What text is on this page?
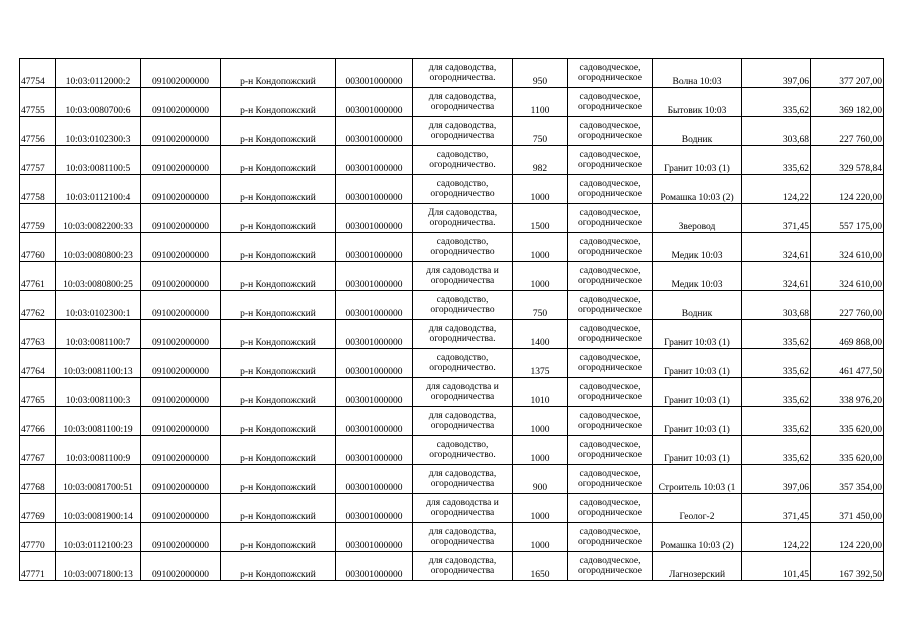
47754	10:03:0112000:2	091002000000	р-н Кондопожский	003001000000	для садоводства,
огородничества.	950	садоводческое,
огородническое	Волна 10:03	397,06	377 207,00
47755	10:03:0080700:6	091002000000	р-н Кондопожский	003001000000	для садоводства,
огородничества	1100	садоводческое,
огородническое	Бытовик 10:03	335,62	369 182,00
47756	10:03:0102300:3	091002000000	р-н Кондопожский	003001000000	для садоводства,
огородничества	750	садоводческое,
огородническое	Водник	303,68	227 760,00
47757	10:03:0081100:5	091002000000	р-н Кондопожский	003001000000	садоводство,
огородничество.	982	садоводческое,
огородническое	Гранит 10:03 (1)	335,62	329 578,84
47758	10:03:0112100:4	091002000000	р-н Кондопожский	003001000000	садоводство,
огородничество	1000	садоводческое,
огородническое	Ромашка 10:03 (2)	124,22	124 220,00
47759	10:03:0082200:33	091002000000	р-н Кондопожский	003001000000	Для садоводства,
огородничества.	1500	садоводческое,
огородническое	Зверовод	371,45	557 175,00
47760	10:03:0080800:23	091002000000	р-н Кондопожский	003001000000	садоводство,
огородничество	1000	садоводческое,
огородническое	Медик 10:03	324,61	324 610,00
47761	10:03:0080800:25	091002000000	р-н Кондопожский	003001000000	для садоводства и
огородничества	1000	садоводческое,
огородническое	Медик 10:03	324,61	324 610,00
47762	10:03:0102300:1	091002000000	р-н Кондопожский	003001000000	садоводство,
огородничество	750	садоводческое,
огородническое	Водник	303,68	227 760,00
47763	10:03:0081100:7	091002000000	р-н Кондопожский	003001000000	для садоводства,
огородничества.	1400	садоводческое,
огородническое	Гранит 10:03 (1)	335,62	469 868,00
47764	10:03:0081100:13	091002000000	р-н Кондопожский	003001000000	садоводство,
огородничество.	1375	садоводческое,
огородническое	Гранит 10:03 (1)	335,62	461 477,50
47765	10:03:0081100:3	091002000000	р-н Кондопожский	003001000000	для садоводства и
огородничества	1010	садоводческое,
огородническое	Гранит 10:03 (1)	335,62	338 976,20
47766	10:03:0081100:19	091002000000	р-н Кондопожский	003001000000	для садоводства,
огородничества	1000	садоводческое,
огородническое	Гранит 10:03 (1)	335,62	335 620,00
47767	10:03:0081100:9	091002000000	р-н Кондопожский	003001000000	садоводство,
огородничество.	1000	садоводческое,
огородническое	Гранит 10:03 (1)	335,62	335 620,00
47768	10:03:0081700:51	091002000000	р-н Кондопожский	003001000000	для садоводства,
огородничества	900	садоводческое,
огородническое	Строитель 10:03 (1	397,06	357 354,00
47769	10:03:0081900:14	091002000000	р-н Кондопожский	003001000000	для садоводства и
огородничества	1000	садоводческое,
огородническое	Геолог-2	371,45	371 450,00
47770	10:03:0112100:23	091002000000	р-н Кондопожский	003001000000	для садоводства,
огородничества	1000	садоводческое,
огородническое	Ромашка 10:03 (2)	124,22	124 220,00
47771	10:03:0071800:13	091002000000	р-н Кондопожский	003001000000	для садоводства,
огородничества	1650	садоводческое,
огородническое	Лагнозерский	101,45	167 392,50
